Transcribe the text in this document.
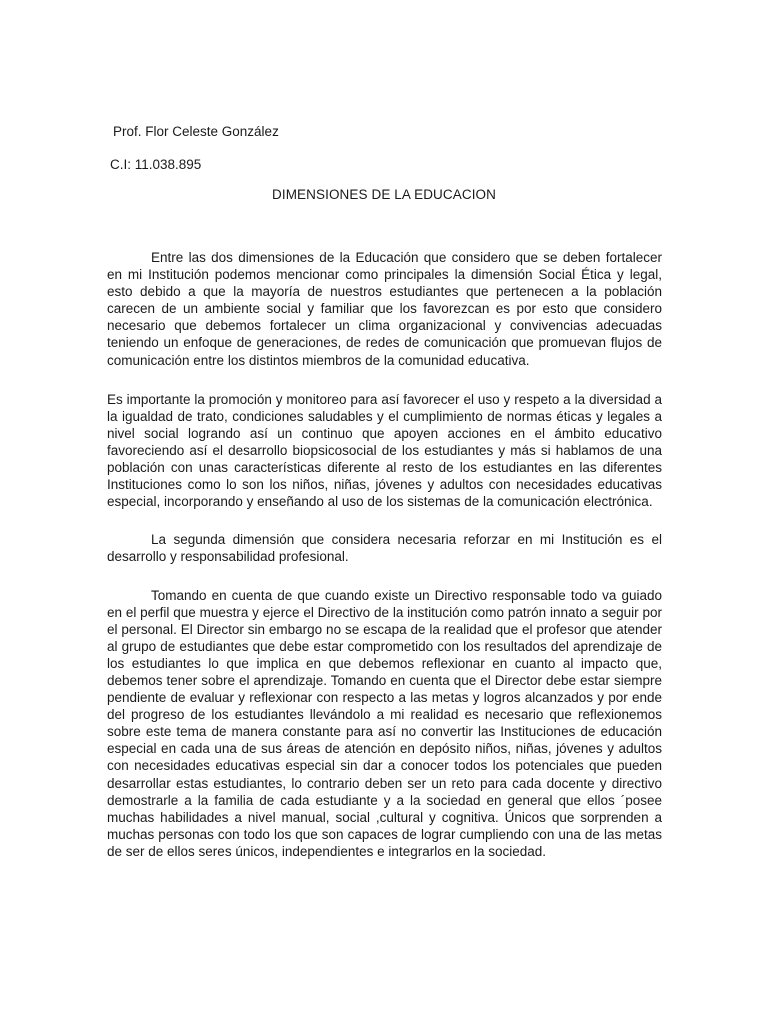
Prof. Flor Celeste González
C.I: 11.038.895
DIMENSIONES DE LA EDUCACION

Entre las dos dimensiones de la Educación que considero que se deben fortalecer en mi Institución podemos mencionar como principales la dimensión Social Ética y legal, esto debido a que la mayoría de nuestros estudiantes que pertenecen a la población carecen de un ambiente social y familiar que los favorezcan es por esto que considero necesario que debemos fortalecer un clima organizacional y convivencias adecuadas teniendo un enfoque de generaciones, de redes de comunicación que promuevan flujos de comunicación entre los distintos miembros de la comunidad educativa.

Es importante la promoción y monitoreo para así favorecer el uso y respeto a la diversidad a la igualdad de trato, condiciones saludables y el cumplimiento de normas éticas y legales a nivel social logrando así un continuo que apoyen acciones en el ámbito educativo favoreciendo así el desarrollo biopsicosocial de los estudiantes y más si hablamos de una población con unas características diferente al resto de los estudiantes en las diferentes Instituciones como lo son los niños, niñas, jóvenes y adultos con necesidades educativas especial, incorporando y enseñando al uso de los sistemas de la comunicación electrónica.

La segunda dimensión que considera necesaria reforzar en mi Institución es el desarrollo y responsabilidad profesional.

Tomando en cuenta de que cuando existe un Directivo responsable todo va guiado en el perfil que muestra y ejerce el Directivo de la institución como patrón innato a seguir por el personal. El Director sin embargo no se escapa de la realidad que el profesor que atender al grupo de estudiantes que debe estar comprometido con los resultados del aprendizaje de los estudiantes lo que implica en que debemos reflexionar en cuanto al impacto que, debemos tener sobre el aprendizaje. Tomando en cuenta que el Director debe estar siempre pendiente de evaluar y reflexionar con respecto a las metas y logros alcanzados y por ende del progreso de los estudiantes llevándolo a mi realidad es necesario que reflexionemos sobre este tema de manera constante para así no convertir las Instituciones de educación especial en cada una de sus áreas de atención en depósito niños, niñas, jóvenes y adultos con necesidades educativas especial sin dar a conocer todos los potenciales que pueden desarrollar estas estudiantes, lo contrario deben ser un reto para cada docente y directivo demostrarle a la familia de cada estudiante y a la sociedad en general que ellos ´posee muchas habilidades a nivel manual, social ,cultural y cognitiva. Únicos que sorprenden a muchas personas con todo los que son capaces de lograr cumpliendo con una de las metas de ser de ellos seres únicos, independientes e integrarlos en la sociedad.
